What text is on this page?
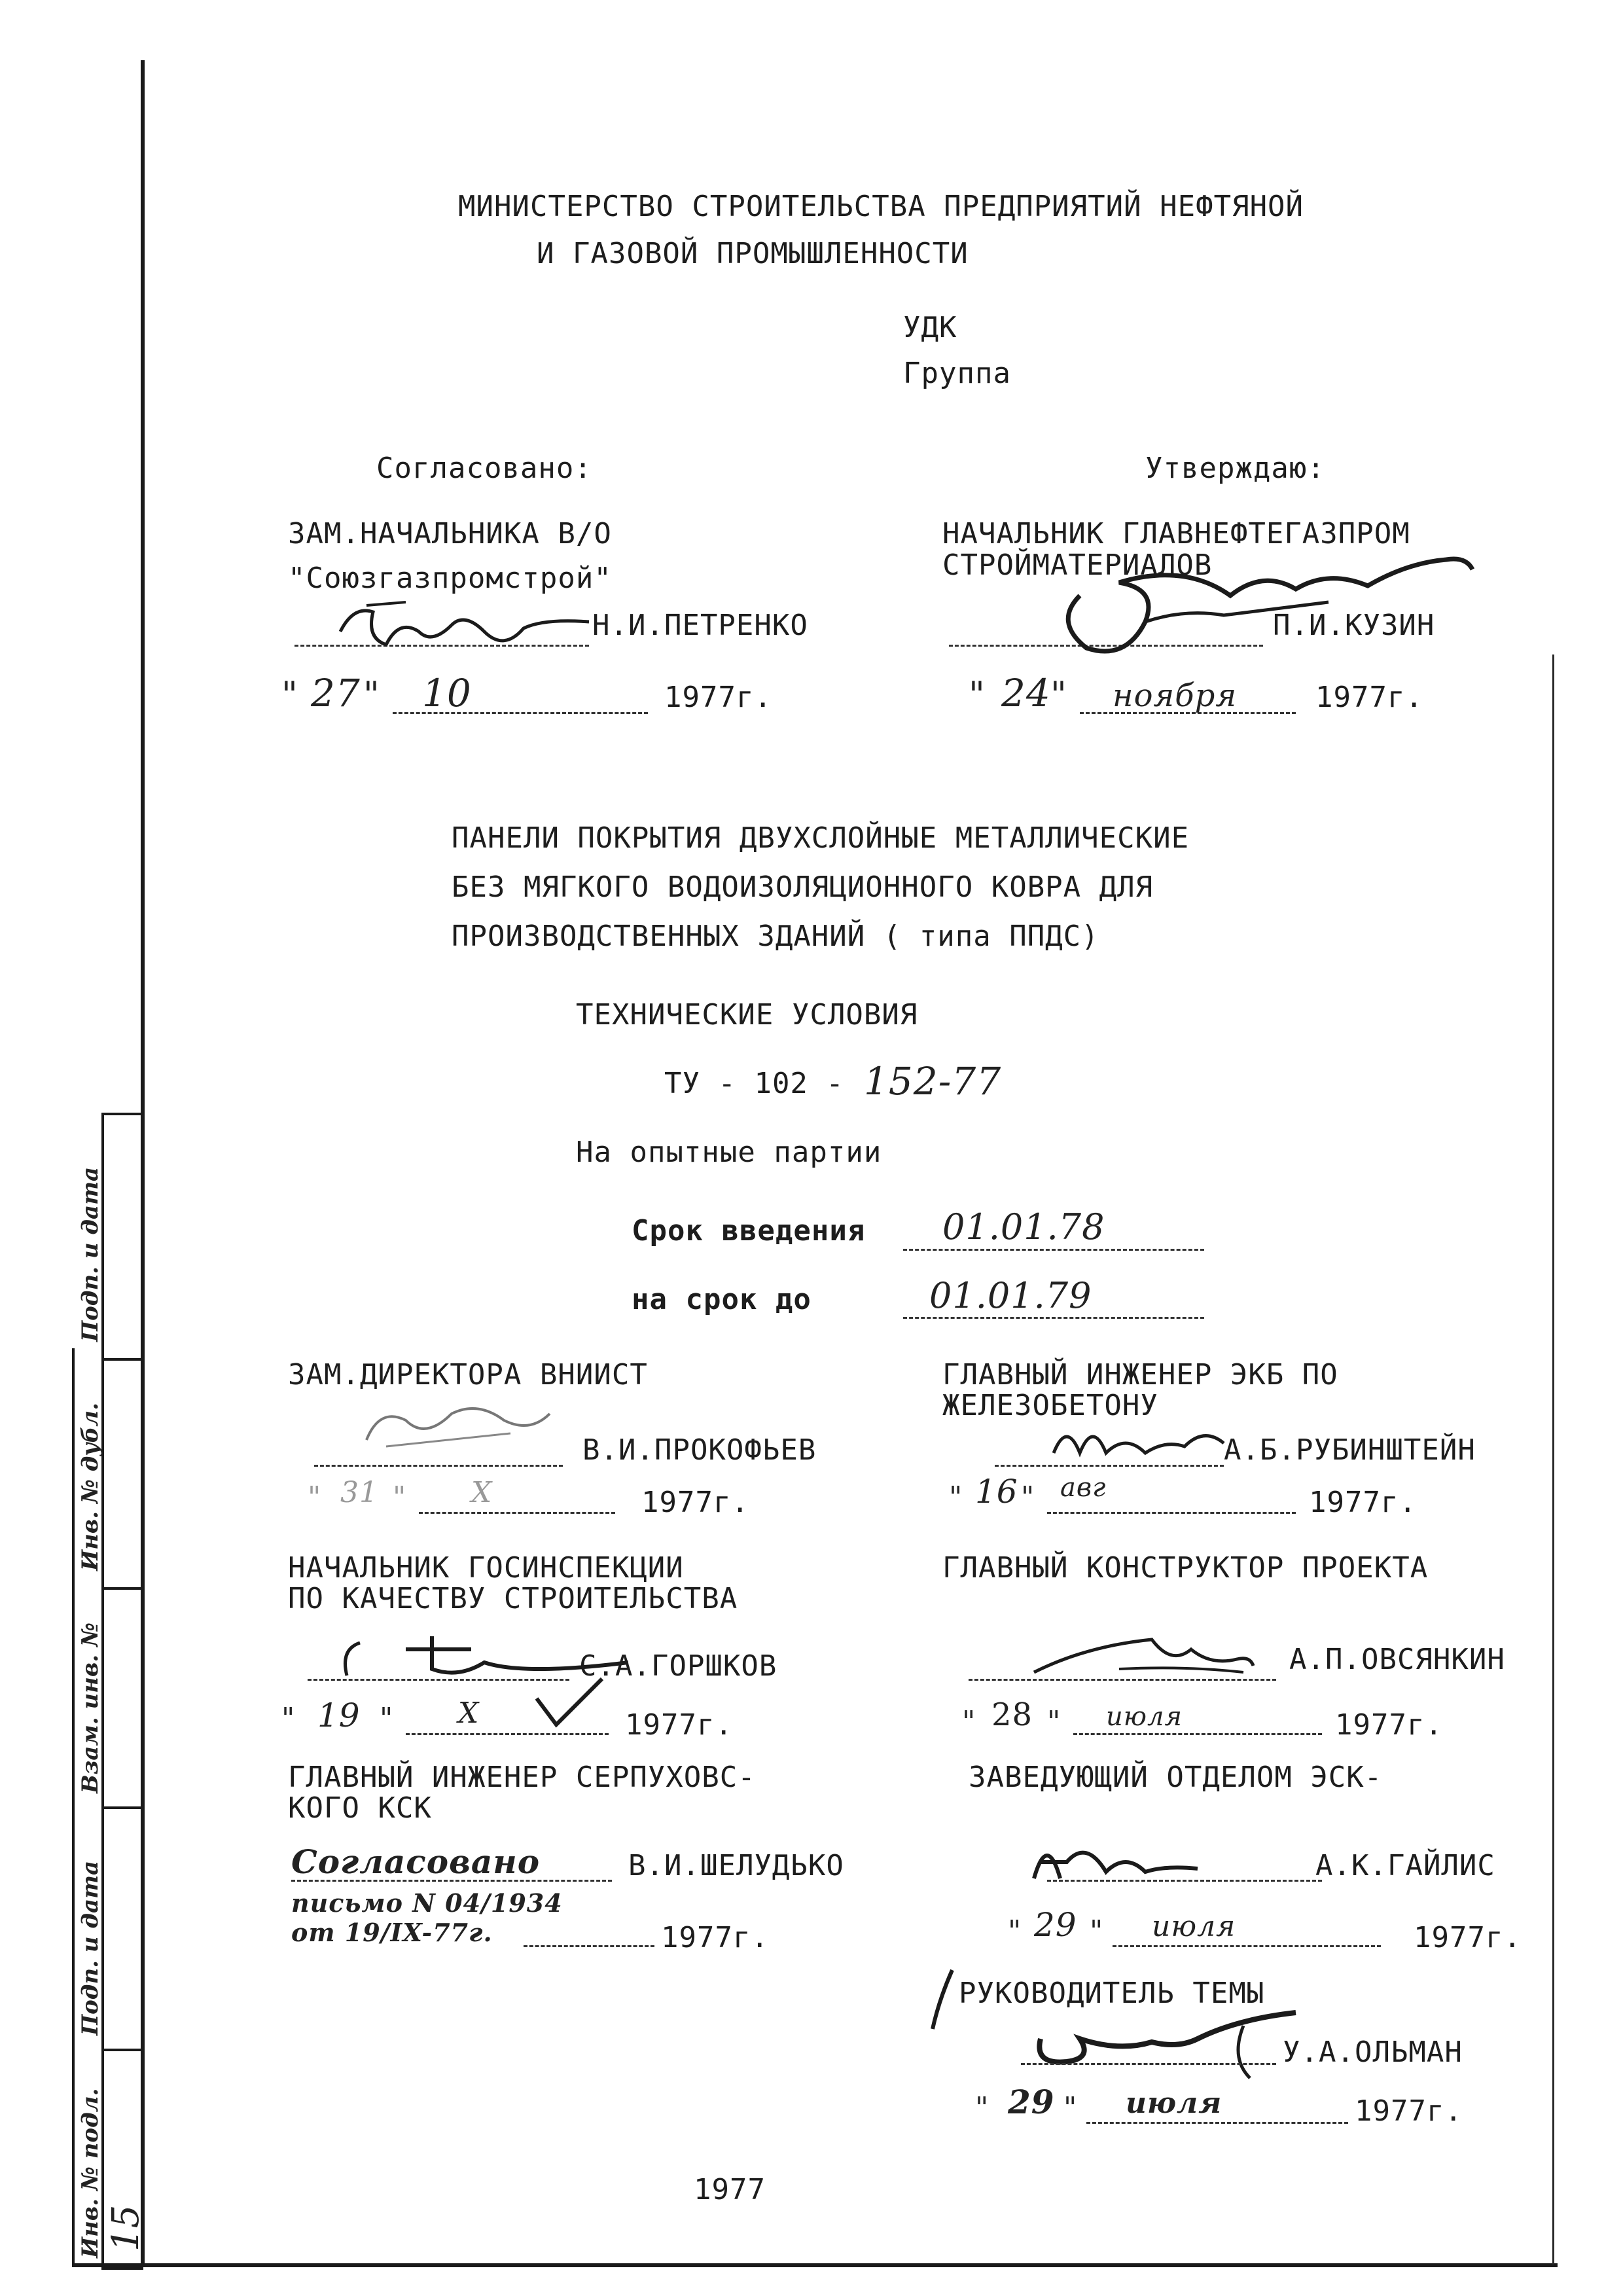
МИНИСТЕРСТВО СТРОИТЕЛЬСТВА ПРЕДПРИЯТИЙ НЕФТЯНОЙ
И ГАЗОВОЙ ПРОМЫШЛЕННОСТИ
УДК
Группа
Согласовано:
ЗАМ.НАЧАЛЬНИКА В/О
"Союзгазпромстрой"
Н.И.ПЕТРЕНКО
" 27 " 10	1977г.
Утверждаю:
НАЧАЛЬНИК ГЛАВНЕФТЕГАЗПРОМ
СТРОЙМАТЕРИАЛОВ
П.И.КУЗИН
" 24 " ноября	1977г.
ПАНЕЛИ ПОКРЫТИЯ ДВУХСЛОЙНЫЕ МЕТАЛЛИЧЕСКИЕ
БЕЗ МЯГКОГО ВОДОИЗОЛЯЦИОННОГО КОВРА ДЛЯ
ПРОИЗВОДСТВЕННЫХ ЗДАНИЙ ( типа ППДС)
ТЕХНИЧЕСКИЕ УСЛОВИЯ
ТУ - 102 - 152-77
На опытные партии
Срок введения 01.01.78
на срок до	01.01.79
ЗАМ.ДИРЕКТОРА ВНИИСТ
В.И.ПРОКОФЬЕВ
" 31 " X	1977г.
ГЛАВНЫЙ ИНЖЕНЕР ЭКБ ПО
ЖЕЛЕЗОБЕТОНУ
А.Б.РУБИНШТЕЙН
" 16 " авг	1977г.
НАЧАЛЬНИК ГОСИНСПЕКЦИИ
ПО КАЧЕСТВУ СТРОИТЕЛЬСТВА
С.А.ГОРШКОВ
" 19 " X	1977г.
ГЛАВНЫЙ КОНСТРУКТОР ПРОЕКТА
А.П.ОВСЯНКИН
" 28 " июля	1977г.
ГЛАВНЫЙ ИНЖЕНЕР СЕРПУХОВС-
КОГО КСК
Согласовано	В.И.ШЕЛУДЬКО
письмо N 04/1934
от 19/IX-77г.	1977г.
ЗАВЕДУЮЩИЙ ОТДЕЛОМ ЭСК-
А.К.ГАЙЛИС
" 29 " июля	1977г.
РУКОВОДИТЕЛЬ ТЕМЫ
У.А.ОЛЬМАН
" 29 " июля	1977г.
1977
Подп. и дата
Инв. № дубл.
Взам. инв. №
Подп. и дата
Инв. № подл. 15
